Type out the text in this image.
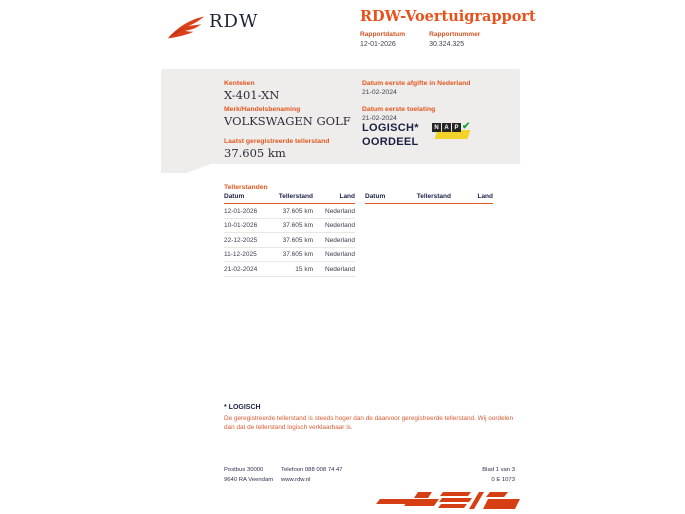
RDW	RDW-Voertuigrapport
Rapportdatum
12-01-2026
Rapportnummer
30.324.325
Kenteken
X-401-XN
Merk/Handelsbenaming
VOLKSWAGEN GOLF
Laatst geregistreerde tellerstand
37.605 km
Datum eerste afgifte in Nederland
21-02-2024
Datum eerste toelating
21-02-2024
LOGISCH*
OORDEEL
N A P ✔
Tellerstanden
Datum	Tellerstand	Land
12-01-2026	37.605 km	Nederland
10-01-2026	37.605 km	Nederland
22-12-2025	37.605 km	Nederland
11-12-2025	37.605 km	Nederland
21-02-2024	15 km	Nederland
Datum	Tellerstand	Land
* LOGISCH

De geregistreerde tellerstand is steeds hoger dan de daarvoor geregistreerde tellerstand. Wij oordelen dan dat de tellerstand logisch verklaarbaar is.

Postbus 30000
9640 RA Veendam
Telefoon 088 008 74 47
www.rdw.nl
Blad 1 van 3
0 E 1073
